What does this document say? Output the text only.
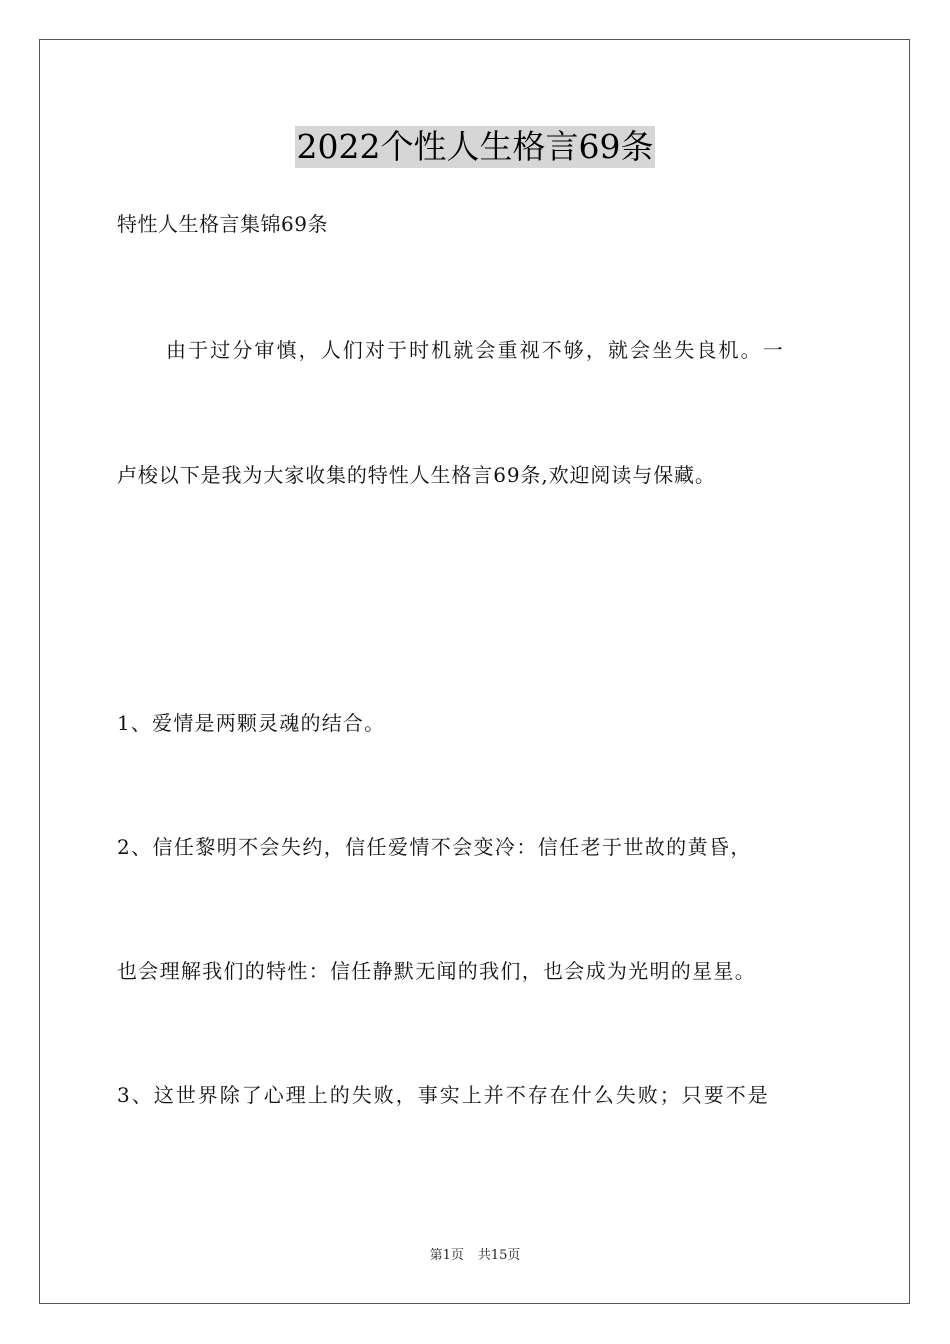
2022个性人生格言69条
特性人生格言集锦69条
由于过分审慎，人们对于时机就会重视不够，就会坐失良机。一
卢梭以下是我为大家收集的特性人生格言69条,欢迎阅读与保藏。
1、爱情是两颗灵魂的结合。
2、信任黎明不会失约，信任爱情不会变冷：信任老于世故的黄昏，
也会理解我们的特性：信任静默无闻的我们，也会成为光明的星星。
3、这世界除了心理上的失败，事实上并不存在什么失败；只要不是
第1页 共15页
